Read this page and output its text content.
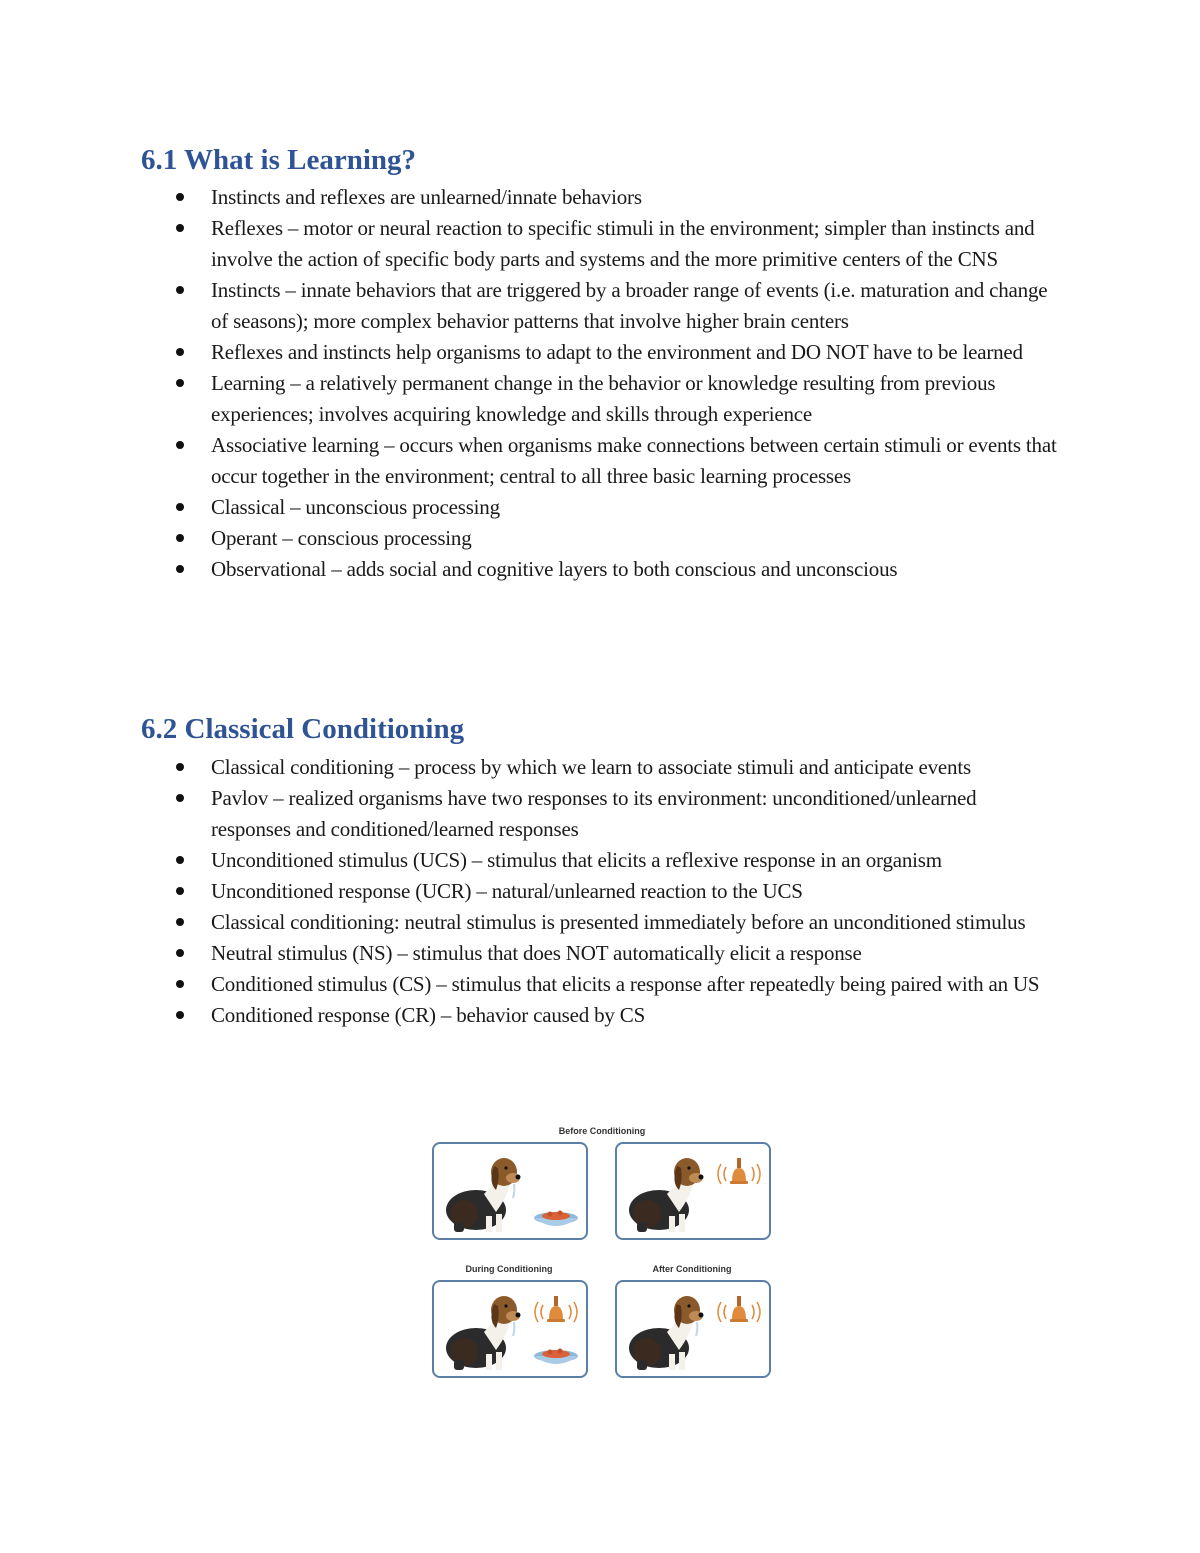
6.1 What is Learning?
Instincts and reflexes are unlearned/innate behaviors
Reflexes – motor or neural reaction to specific stimuli in the environment; simpler than instincts and involve the action of specific body parts and systems and the more primitive centers of the CNS
Instincts – innate behaviors that are triggered by a broader range of events (i.e. maturation and change of seasons); more complex behavior patterns that involve higher brain centers
Reflexes and instincts help organisms to adapt to the environment and DO NOT have to be learned
Learning – a relatively permanent change in the behavior or knowledge resulting from previous experiences; involves acquiring knowledge and skills through experience
Associative learning – occurs when organisms make connections between certain stimuli or events that occur together in the environment; central to all three basic learning processes
Classical – unconscious processing
Operant – conscious processing
Observational – adds social and cognitive layers to both conscious and unconscious
6.2 Classical Conditioning
Classical conditioning – process by which we learn to associate stimuli and anticipate events
Pavlov – realized organisms have two responses to its environment: unconditioned/unlearned responses and conditioned/learned responses
Unconditioned stimulus (UCS) – stimulus that elicits a reflexive response in an organism
Unconditioned response (UCR) – natural/unlearned reaction to the UCS
Classical conditioning: neutral stimulus is presented immediately before an unconditioned stimulus
Neutral stimulus (NS) – stimulus that does NOT automatically elicit a response
Conditioned stimulus (CS) – stimulus that elicits a response after repeatedly being paired with an US
Conditioned response (CR) – behavior caused by CS
Before Conditioning
During Conditioning	After Conditioning
